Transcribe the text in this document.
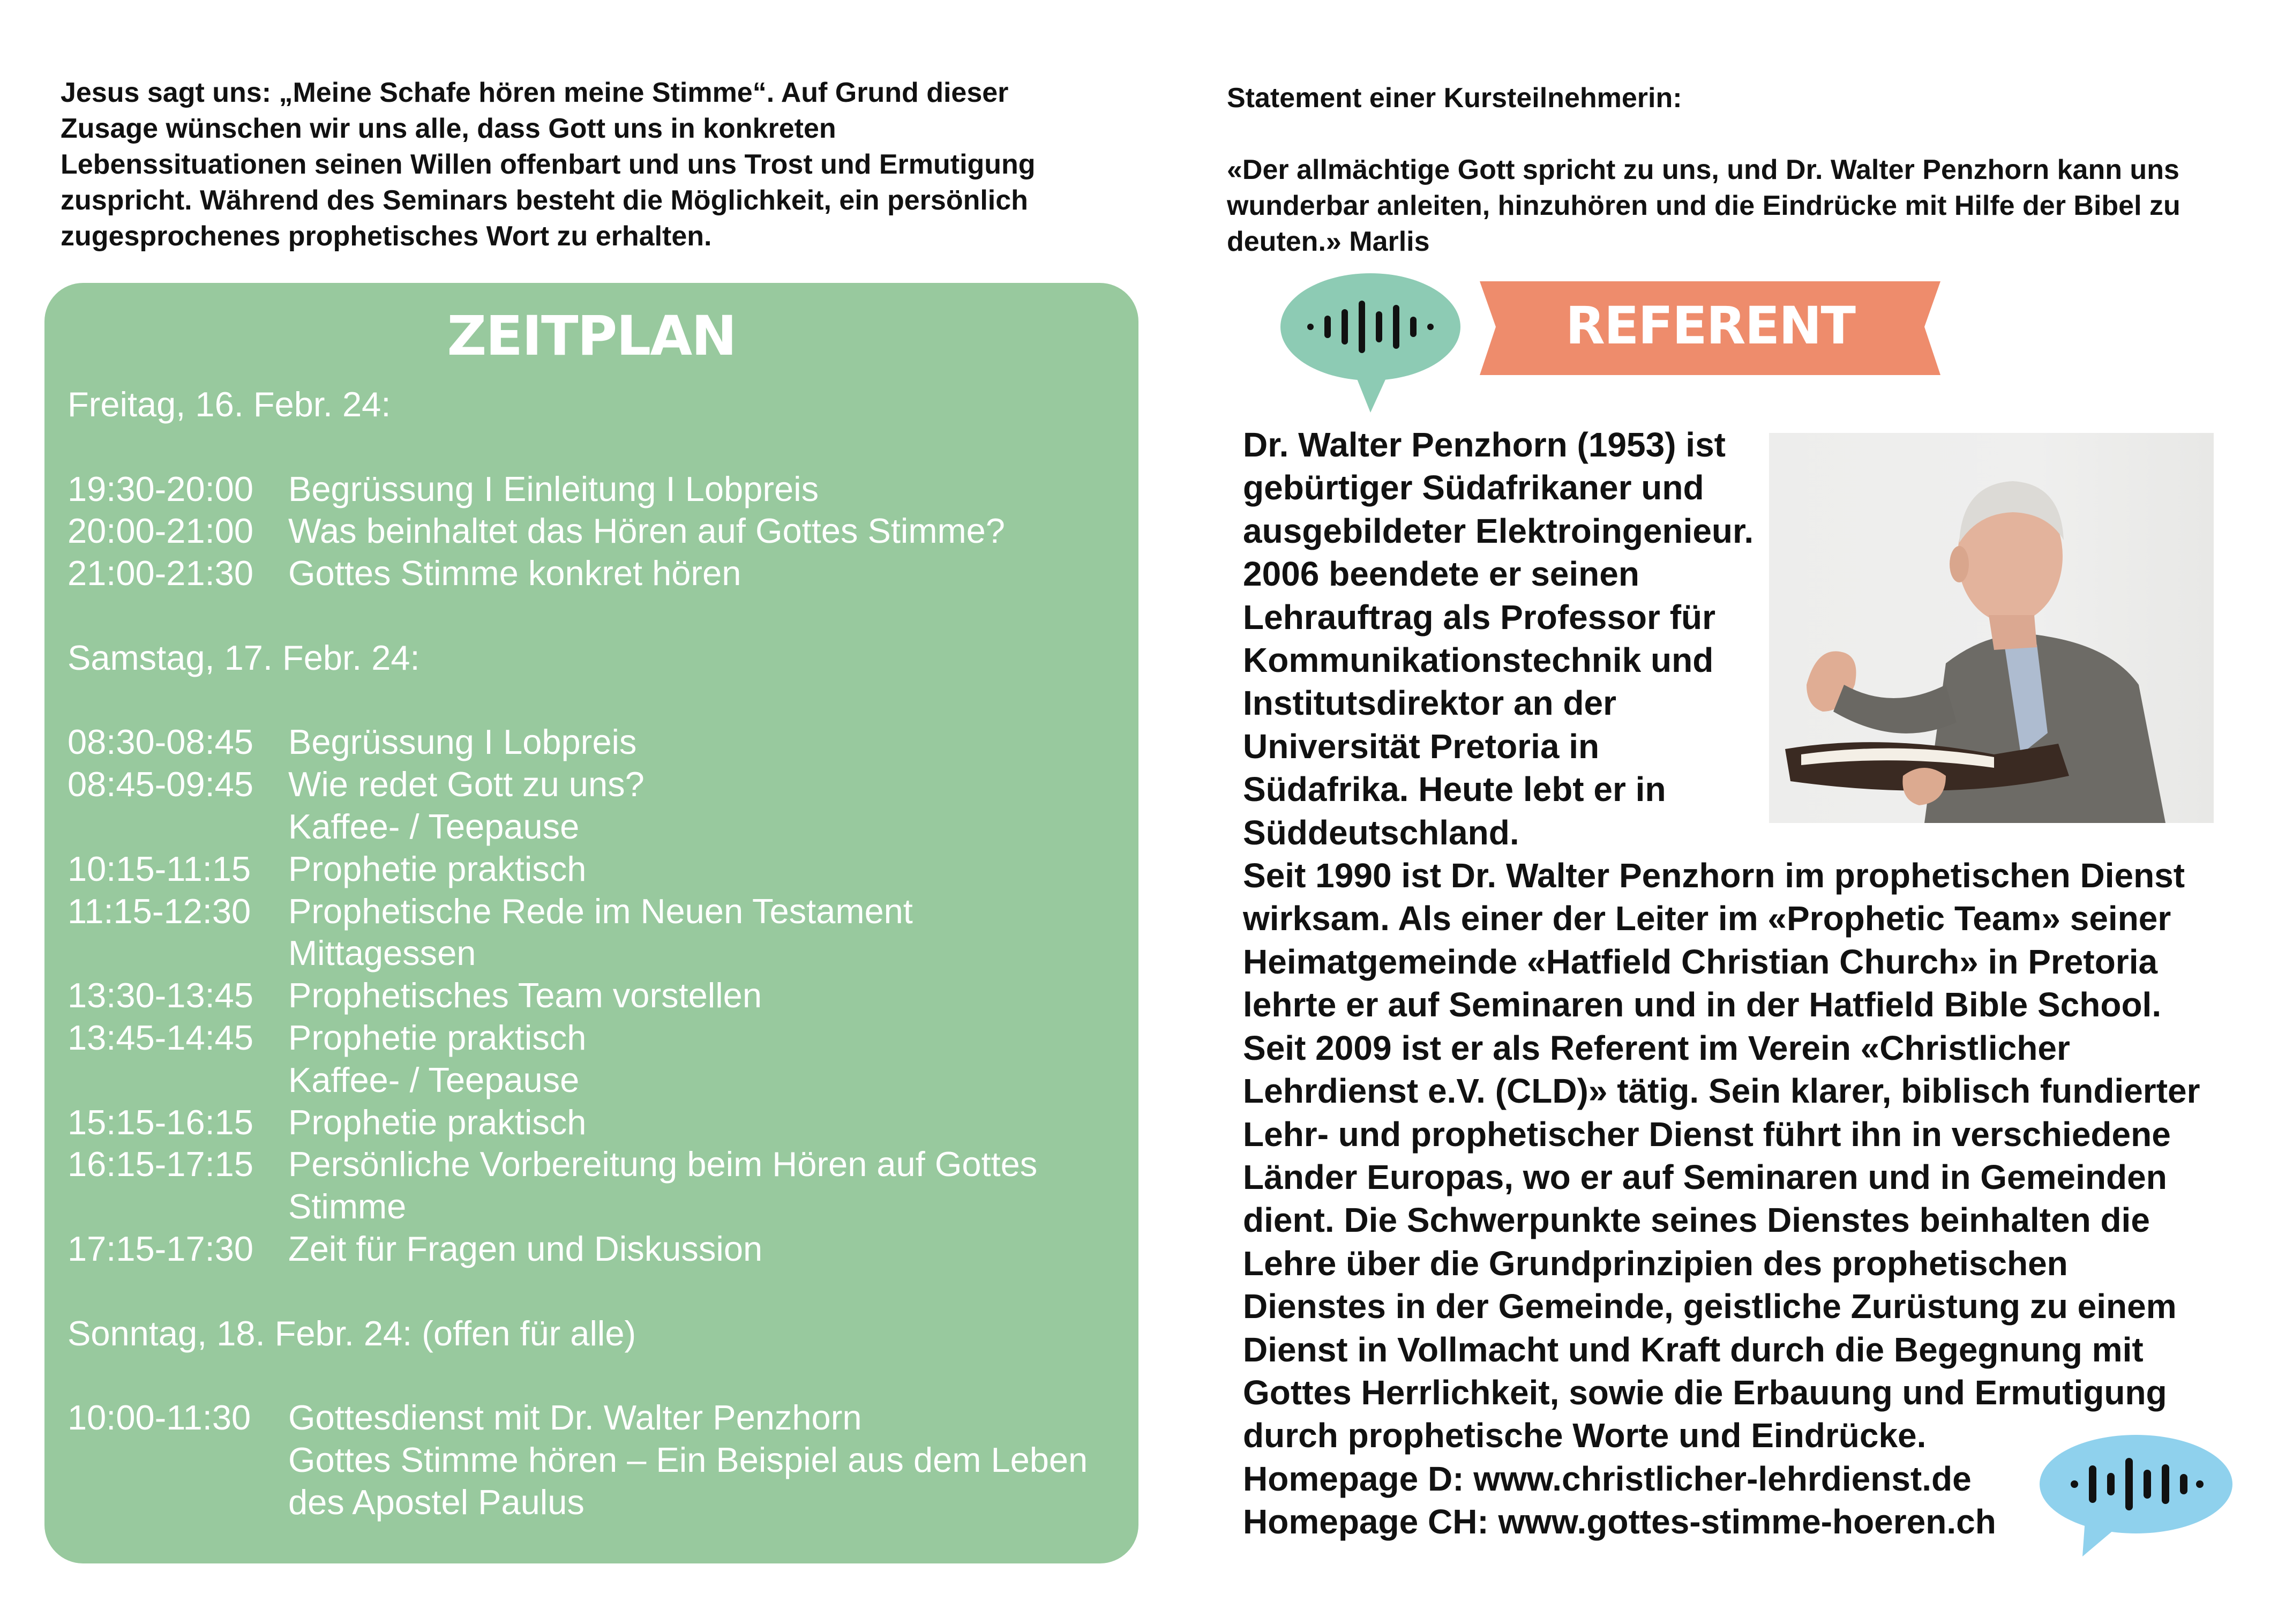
Jesus sagt uns: „Meine Schafe hören meine Stimme“. Auf Grund dieser
Zusage wünschen wir uns alle, dass Gott uns in konkreten
Lebenssituationen seinen Willen offenbart und uns Trost und Ermutigung
zuspricht. Während des Seminars besteht die Möglichkeit, ein persönlich
zugesprochenes prophetisches Wort zu erhalten.
Statement einer Kursteilnehmerin:
«Der allmächtige Gott spricht zu uns, und Dr. Walter Penzhorn kann uns
wunderbar anleiten, hinzuhören und die Eindrücke mit Hilfe der Bibel zu
deuten.» Marlis
ZEITPLAN
Freitag, 16. Febr. 24:
19:30-20:00	Begrüssung I Einleitung I Lobpreis
20:00-21:00	Was beinhaltet das Hören auf Gottes Stimme?
21:00-21:30	Gottes Stimme konkret hören
Samstag, 17. Febr. 24:
08:30-08:45	Begrüssung I Lobpreis
08:45-09:45	Wie redet Gott zu uns?
Kaffee- / Teepause
10:15-11:15	Prophetie praktisch
11:15-12:30	Prophetische Rede im Neuen Testament
Mittagessen
13:30-13:45	Prophetisches Team vorstellen
13:45-14:45	Prophetie praktisch
Kaffee- / Teepause
15:15-16:15	Prophetie praktisch
16:15-17:15	Persönliche Vorbereitung beim Hören auf Gottes
Stimme
17:15-17:30	Zeit für Fragen und Diskussion
Sonntag, 18. Febr. 24: (offen für alle)
10:00-11:30	Gottesdienst mit Dr. Walter Penzhorn
Gottes Stimme hören – Ein Beispiel aus dem Leben
des Apostel Paulus
REFERENT
Dr. Walter Penzhorn (1953) ist
gebürtiger Südafrikaner und
ausgebildeter Elektroingenieur.
2006 beendete er seinen
Lehrauftrag als Professor für
Kommunikationstechnik und
Institutsdirektor an der
Universität Pretoria in
Südafrika. Heute lebt er in
Süddeutschland.
Seit 1990 ist Dr. Walter Penzhorn im prophetischen Dienst
wirksam. Als einer der Leiter im «Prophetic Team» seiner
Heimatgemeinde «Hatfield Christian Church» in Pretoria
lehrte er auf Seminaren und in der Hatfield Bible School.
Seit 2009 ist er als Referent im Verein «Christlicher
Lehrdienst e.V. (CLD)» tätig. Sein klarer, biblisch fundierter
Lehr- und prophetischer Dienst führt ihn in verschiedene
Länder Europas, wo er auf Seminaren und in Gemeinden
dient. Die Schwerpunkte seines Dienstes beinhalten die
Lehre über die Grundprinzipien des prophetischen
Dienstes in der Gemeinde, geistliche Zurüstung zu einem
Dienst in Vollmacht und Kraft durch die Begegnung mit
Gottes Herrlichkeit, sowie die Erbauung und Ermutigung
durch prophetische Worte und Eindrücke.
Homepage D: www.christlicher-lehrdienst.de
Homepage CH: www.gottes-stimme-hoeren.ch
